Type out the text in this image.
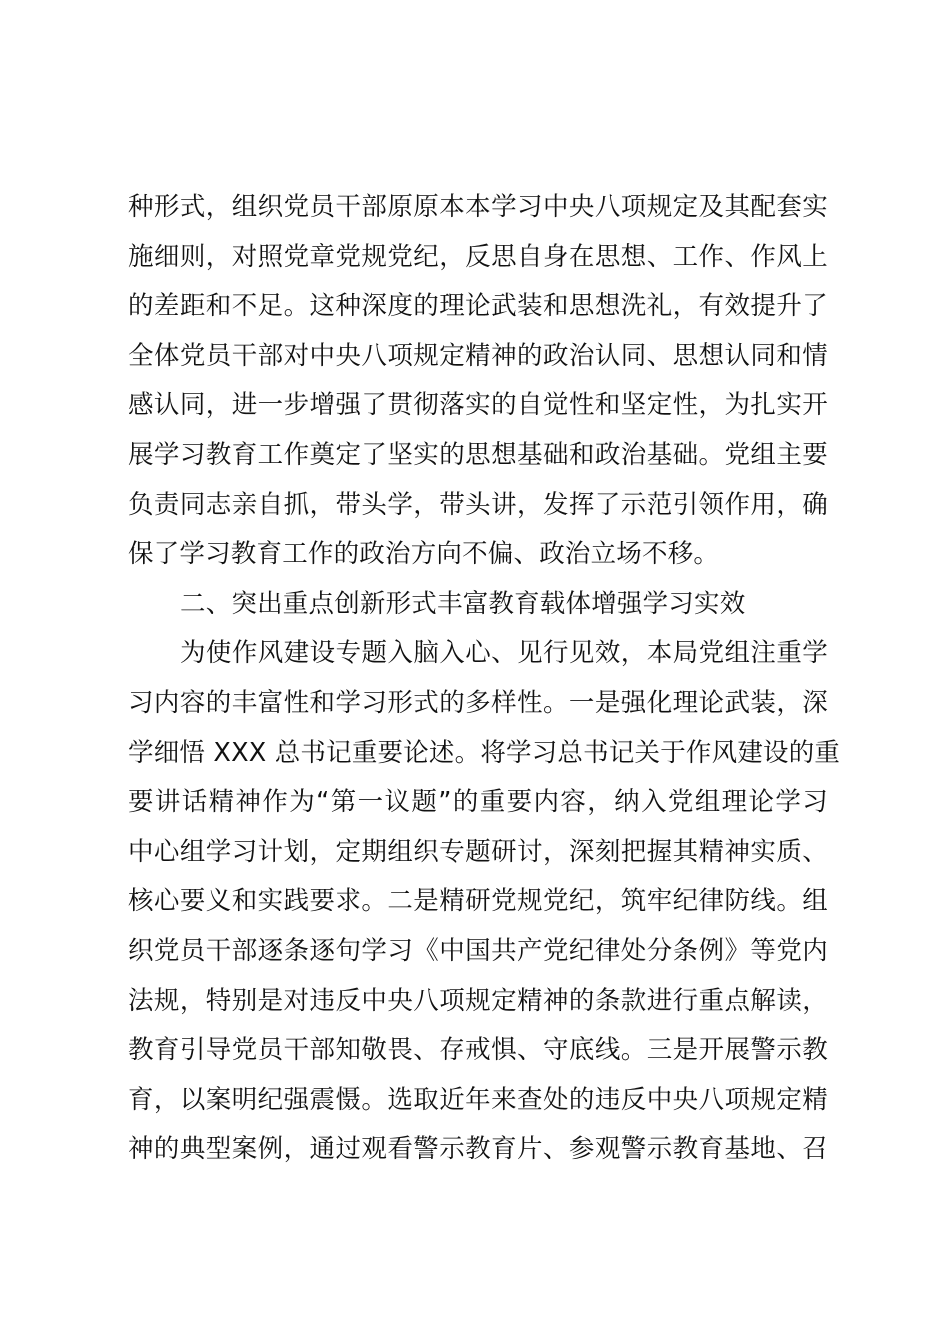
种形式，组织党员干部原原本本学习中央八项规定及其配套实
施细则，对照党章党规党纪，反思自身在思想、工作、作风上
的差距和不足。这种深度的理论武装和思想洗礼，有效提升了
全体党员干部对中央八项规定精神的政治认同、思想认同和情
感认同，进一步增强了贯彻落实的自觉性和坚定性，为扎实开
展学习教育工作奠定了坚实的思想基础和政治基础。党组主要
负责同志亲自抓，带头学，带头讲，发挥了示范引领作用，确
保了学习教育工作的政治方向不偏、政治立场不移。
二、突出重点创新形式丰富教育载体增强学习实效
为使作风建设专题入脑入心、见行见效，本局党组注重学
习内容的丰富性和学习形式的多样性。一是强化理论武装，深
学细悟 XXX 总书记重要论述。将学习总书记关于作风建设的重
要讲话精神作为“第一议题”的重要内容，纳入党组理论学习
中心组学习计划，定期组织专题研讨，深刻把握其精神实质、
核心要义和实践要求。二是精研党规党纪，筑牢纪律防线。组
织党员干部逐条逐句学习《中国共产党纪律处分条例》等党内
法规，特别是对违反中央八项规定精神的条款进行重点解读，
教育引导党员干部知敬畏、存戒惧、守底线。三是开展警示教
育，以案明纪强震慑。选取近年来查处的违反中央八项规定精
神的典型案例，通过观看警示教育片、参观警示教育基地、召
